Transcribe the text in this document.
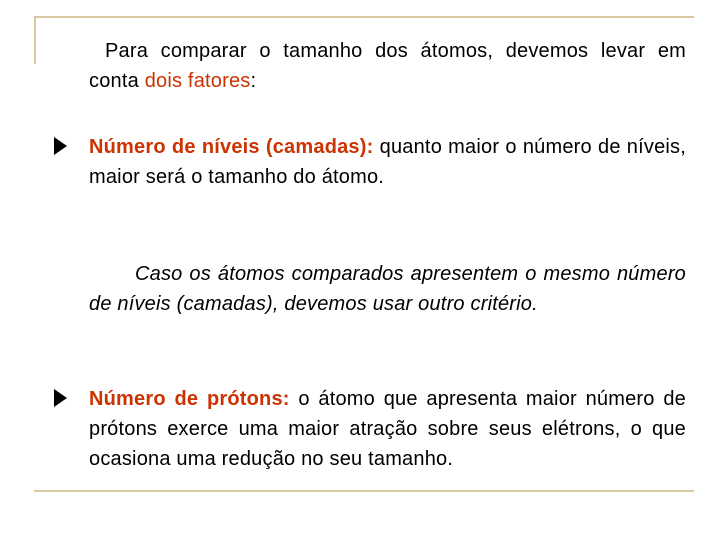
Para comparar o tamanho dos átomos, devemos levar em conta dois fatores:
Número de níveis (camadas): quanto maior o número de níveis, maior será o tamanho do átomo.
Caso os átomos comparados apresentem o mesmo número de níveis (camadas), devemos usar outro critério.
Número de prótons: o átomo que apresenta maior número de prótons exerce uma maior atração sobre seus elétrons, o que ocasiona uma redução no seu tamanho.
